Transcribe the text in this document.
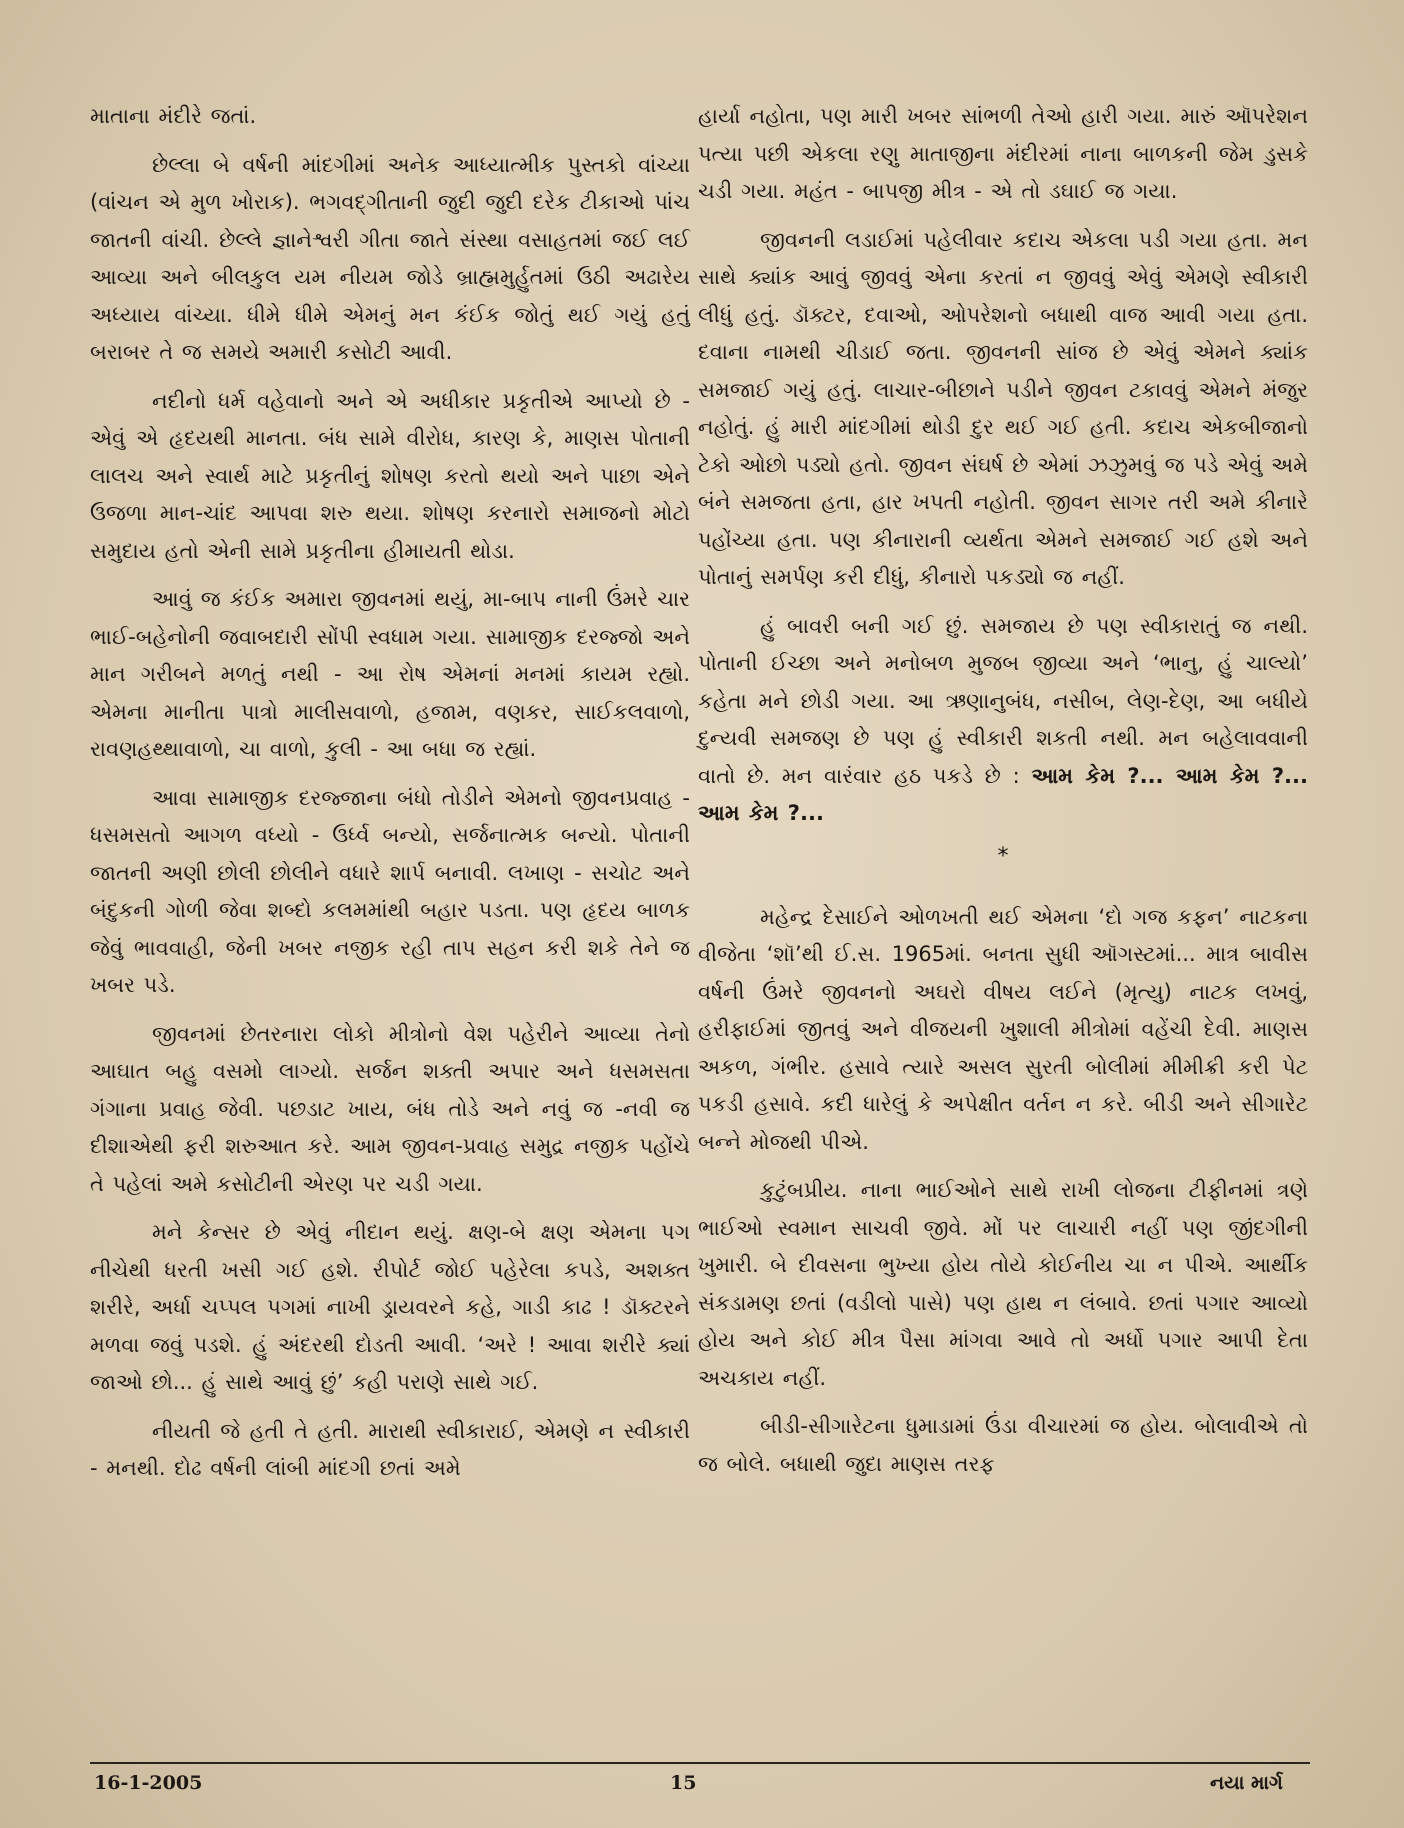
માતાના મંદીરે જતાં.

છેલ્લા બે વર્ષની માંદગીમાં અનેક આધ્યાત્મીક પુસ્તકો વાંચ્યા (વાંચન એ મુળ ખોરાક). ભગવદ્ગીતાની જુદી જુદી દરેક ટીકાઓ પાંચ જાતની વાંચી. છેલ્લે જ્ઞાનેશ્વરી ગીતા જાતે સંસ્થા વસાહતમાં જઈ લઈ આવ્યા અને બીલકુલ યમ નીયમ જોડે બ્રાહ્મમુર્હુતમાં ઉઠી અઢારેય અધ્યાય વાંચ્યા. ધીમે ધીમે એમનું મન કંઈક જોતું થઈ ગયું હતું બરાબર તે જ સમયે અમારી કસોટી આવી.

નદીનો ધર્મ વહેવાનો અને એ અધીકાર પ્રકૃતીએ આપ્યો છે - એવું એ હૃદયથી માનતા. બંધ સામે વીરોધ, કારણ કે, માણસ પોતાની લાલચ અને સ્વાર્થ માટે પ્રકૃતીનું શોષણ કરતો થયો અને પાછા એને ઉજળા માન-ચાંદ આપવા શરુ થયા. શોષણ કરનારો સમાજનો મોટો સમુદાય હતો એની સામે પ્રકૃતીના હીમાયતી થોડા.

આવું જ કંઈક અમારા જીવનમાં થયું, મા-બાપ નાની ઉંમરે ચાર ભાઈ-બહેનોની જવાબદારી સોંપી સ્વધામ ગયા. સામાજીક દરજ્જો અને માન ગરીબને મળતું નથી - આ રોષ એમનાં મનમાં કાયમ રહ્યો. એમના માનીતા પાત્રો માલીસવાળો, હજામ, વણકર, સાઈકલવાળો, રાવણહથ્થાવાળો, ચા વાળો, કુલી - આ બધા જ રહ્યાં.

આવા સામાજીક દરજ્જાના બંધો તોડીને એમનો જીવનપ્રવાહ - ધસમસતો આગળ વધ્યો - ઉર્ધ્વ બન્યો, સર્જનાત્મક બન્યો. પોતાની જાતની અણી છોલી છોલીને વધારે શાર્પ બનાવી. લખાણ - સચોટ અને બંદુકની ગોળી જેવા શબ્દો કલમમાંથી બહાર પડતા. પણ હૃદય બાળક જેવું ભાવવાહી, જેની ખબર નજીક રહી તાપ સહન કરી શકે તેને જ ખબર પડે.

જીવનમાં છેતરનારા લોકો મીત્રોનો વેશ પહેરીને આવ્યા તેનો આઘાત બહુ વસમો લાગ્યો. સર્જન શક્તી અપાર અને ધસમસતા ગંગાના પ્રવાહ જેવી. પછડાટ ખાય, બંધ તોડે અને નવું જ -નવી જ દીશાએથી ફરી શરુઆત કરે. આમ જીવન-પ્રવાહ સમુદ્ર નજીક પહોંચે તે પહેલાં અમે કસોટીની એરણ પર ચડી ગયા.

મને કેન્સર છે એવું નીદાન થયું. ક્ષણ-બે ક્ષણ એમના પગ નીચેથી ધરતી ખસી ગઈ હશે. રીપોર્ટ જોઈ પહેરેલા કપડે, અશક્ત શરીરે, અર્ધા ચપ્પલ પગમાં નાખી ડ્રાયવરને કહે, ગાડી કાઢ ! ડૉક્ટરને મળવા જવું પડશે. હું અંદરથી દોડતી આવી. ‘અરે ! આવા શરીરે ક્યાં જાઓ છો... હું સાથે આવું છું’ કહી પરાણે સાથે ગઈ.

નીયતી જે હતી તે હતી. મારાથી સ્વીકારાઈ, એમણે ન સ્વીકારી - મનથી. દોઢ વર્ષની લાંબી માંદગી છતાં અમે

હાર્યા નહોતા, પણ મારી ખબર સાંભળી તેઓ હારી ગયા. મારું ઑપરેશન પત્યા પછી એકલા રણુ માતાજીના મંદીરમાં નાના બાળકની જેમ ડુસકે ચડી ગયા. મહંત - બાપજી મીત્ર - એ તો ડઘાઈ જ ગયા.

જીવનની લડાઈમાં પહેલીવાર કદાચ એકલા પડી ગયા હતા. મન સાથે ક્યાંક આવું જીવવું એના કરતાં ન જીવવું એવું એમણે સ્વીકારી લીધું હતું. ડૉક્ટર, દવાઓ, ઓપરેશનો બધાથી વાજ આવી ગયા હતા. દવાના નામથી ચીડાઈ જતા. જીવનની સાંજ છે એવું એમને ક્યાંક સમજાઈ ગયું હતું. લાચાર-બીછાને પડીને જીવન ટકાવવું એમને મંજુર નહોતું. હું મારી માંદગીમાં થોડી દુર થઈ ગઈ હતી. કદાચ એકબીજાનો ટેકો ઓછો પડ્યો હતો. જીવન સંઘર્ષ છે એમાં ઝઝુમવું જ પડે એવું અમે બંને સમજતા હતા, હાર ખપતી નહોતી. જીવન સાગર તરી અમે કીનારે પહોંચ્યા હતા. પણ કીનારાની વ્યર્થતા એમને સમજાઈ ગઈ હશે અને પોતાનું સમર્પણ કરી દીધું, કીનારો પકડ્યો જ નહીં.

હું બાવરી બની ગઈ છું. સમજાય છે પણ સ્વીકારાતું જ નથી. પોતાની ઈચ્છા અને મનોબળ મુજબ જીવ્યા અને ‘ભાનુ, હું ચાલ્યો’ કહેતા મને છોડી ગયા. આ ઋણાનુબંધ, નસીબ, લેણ-દેણ, આ બધીયે દુન્યવી સમજણ છે પણ હું સ્વીકારી શકતી નથી. મન બહેલાવવાની વાતો છે. મન વારંવાર હઠ પકડે છે : આમ કેમ ?... આમ કેમ ?... આમ કેમ ?...

*

મહેન્દ્ર દેસાઈને ઓળખતી થઈ એમના ‘દો ગજ કફન’ નાટકના વીજેતા ‘શૉ’થી ઈ.સ. 1965માં. બનતા સુધી ઑગસ્ટમાં... માત્ર બાવીસ વર્ષની ઉંમરે જીવનનો અઘરો વીષય લઈને (મૃત્યુ) નાટક લખવું, હરીફાઈમાં જીતવું અને વીજયની ખુશાલી મીત્રોમાં વહેંચી દેવી. માણસ અકળ, ગંભીર. હસાવે ત્યારે અસલ સુરતી બોલીમાં મીમીક્રી કરી પેટ પકડી હસાવે. કદી ધારેલું કે અપેક્ષીત વર્તન ન કરે. બીડી અને સીગારેટ બન્ને મોજથી પીએ.

કુટુંબપ્રીય. નાના ભાઈઓને સાથે રાખી લોજના ટીફીનમાં ત્રણે ભાઈઓ સ્વમાન સાચવી જીવે. મોં પર લાચારી નહીં પણ જીંદગીની ખુમારી. બે દીવસના ભુખ્યા હોય તોયે કોઈનીય ચા ન પીએ. આર્થીક સંકડામણ છતાં (વડીલો પાસે) પણ હાથ ન લંબાવે. છતાં પગાર આવ્યો હોય અને કોઈ મીત્ર પૈસા માંગવા આવે તો અર્ધો પગાર આપી દેતા અચકાય નહીં.

બીડી-સીગારેટના ધુમાડામાં ઉંડા વીચારમાં જ હોય. બોલાવીએ તો જ બોલે. બધાથી જુદા માણસ તરફ

16-1-2005	15	નયા માર્ગ
